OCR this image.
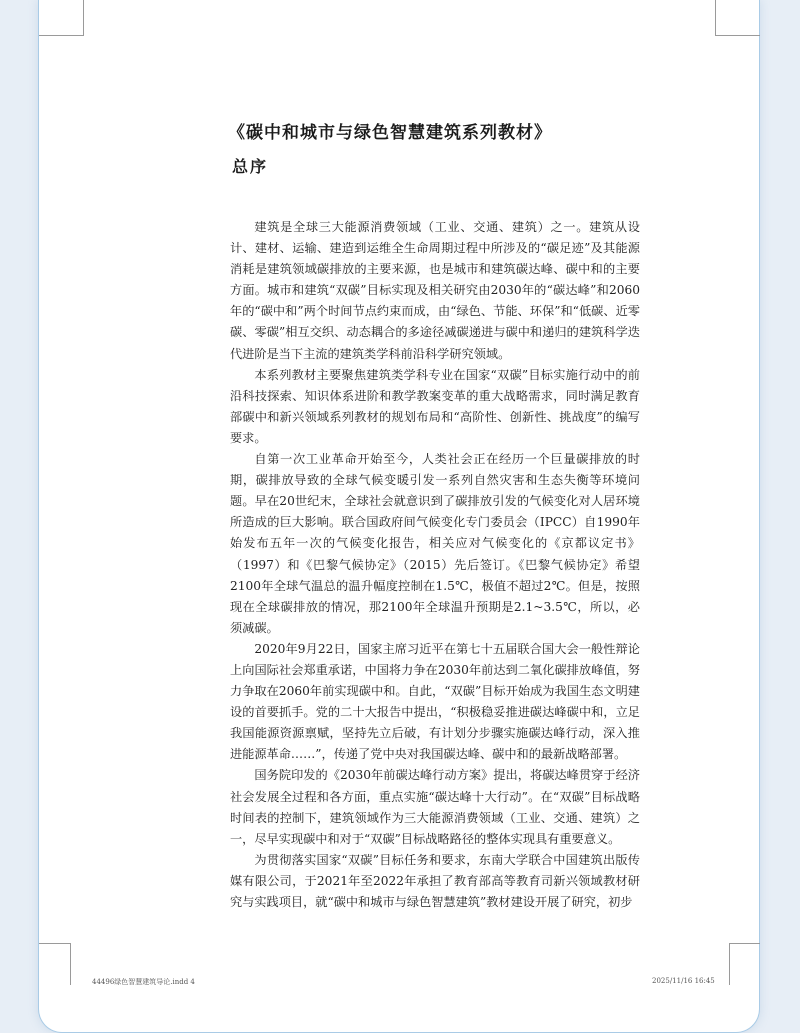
《碳中和城市与绿色智慧建筑系列教材》
总序

建筑是全球三大能源消费领域（工业、交通、建筑）之一。建筑从设计、建材、运输、建造到运维全生命周期过程中所涉及的“碳足迹”及其能源消耗是建筑领域碳排放的主要来源，也是城市和建筑碳达峰、碳中和的主要方面。城市和建筑“双碳”目标实现及相关研究由2030年的“碳达峰”和2060年的“碳中和”两个时间节点约束而成，由“绿色、节能、环保”和“低碳、近零碳、零碳”相互交织、动态耦合的多途径减碳递进与碳中和递归的建筑科学迭代进阶是当下主流的建筑类学科前沿科学研究领域。

本系列教材主要聚焦建筑类学科专业在国家“双碳”目标实施行动中的前沿科技探索、知识体系进阶和教学教案变革的重大战略需求，同时满足教育部碳中和新兴领域系列教材的规划布局和“高阶性、创新性、挑战度”的编写要求。

自第一次工业革命开始至今，人类社会正在经历一个巨量碳排放的时期，碳排放导致的全球气候变暖引发一系列自然灾害和生态失衡等环境问题。早在20世纪末，全球社会就意识到了碳排放引发的气候变化对人居环境所造成的巨大影响。联合国政府间气候变化专门委员会（IPCC）自1990年始发布五年一次的气候变化报告，相关应对气候变化的《京都议定书》（1997）和《巴黎气候协定》（2015）先后签订。《巴黎气候协定》希望2100年全球气温总的温升幅度控制在1.5℃，极值不超过2℃。但是，按照现在全球碳排放的情况，那2100年全球温升预期是2.1~3.5℃，所以，必须减碳。

2020年9月22日，国家主席习近平在第七十五届联合国大会一般性辩论上向国际社会郑重承诺，中国将力争在2030年前达到二氧化碳排放峰值，努力争取在2060年前实现碳中和。自此，“双碳”目标开始成为我国生态文明建设的首要抓手。党的二十大报告中提出，“积极稳妥推进碳达峰碳中和，立足我国能源资源禀赋，坚持先立后破，有计划分步骤实施碳达峰行动，深入推进能源革命……”，传递了党中央对我国碳达峰、碳中和的最新战略部署。

国务院印发的《2030年前碳达峰行动方案》提出，将碳达峰贯穿于经济社会发展全过程和各方面，重点实施“碳达峰十大行动”。在“双碳”目标战略时间表的控制下，建筑领域作为三大能源消费领域（工业、交通、建筑）之一，尽早实现碳中和对于“双碳”目标战略路径的整体实现具有重要意义。

为贯彻落实国家“双碳”目标任务和要求，东南大学联合中国建筑出版传媒有限公司，于2021年至2022年承担了教育部高等教育司新兴领域教材研究与实践项目，就“碳中和城市与绿色智慧建筑”教材建设开展了研究，初步

44496绿色智慧建筑导论.indd 4	2025/11/16 16:45
